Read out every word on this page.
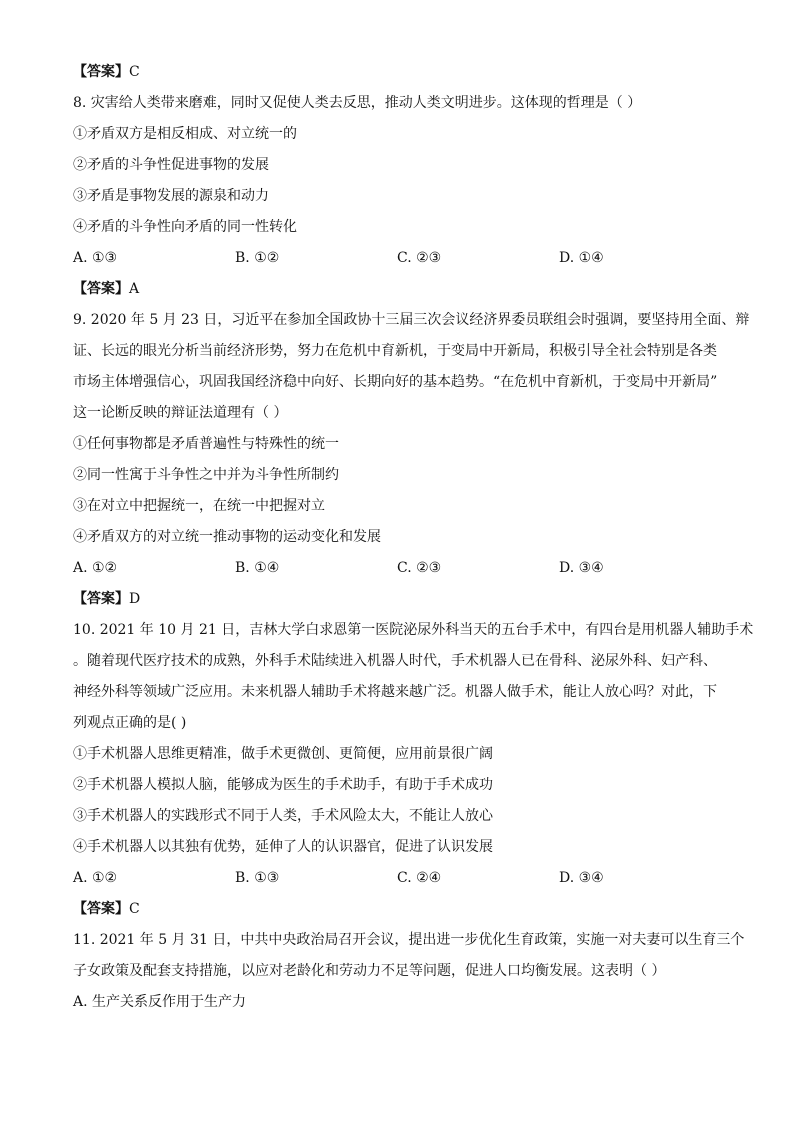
【答案】C

8. 灾害给人类带来磨难，同时又促使人类去反思，推动人类文明进步。这体现的哲理是（ ）

①矛盾双方是相反相成、对立统一的

②矛盾的斗争性促进事物的发展

③矛盾是事物发展的源泉和动力

④矛盾的斗争性向矛盾的同一性转化

A. ①③	B. ①②	C. ②③	D. ①④
【答案】A

9. 2020 年 5 月 23 日，习近平在参加全国政协十三届三次会议经济界委员联组会时强调，要坚持用全面、辩

证、长远的眼光分析当前经济形势，努力在危机中育新机，于变局中开新局，积极引导全社会特别是各类

市场主体增强信心，巩固我国经济稳中向好、长期向好的基本趋势。“在危机中育新机，于变局中开新局”

这一论断反映的辩证法道理有（ ）

①任何事物都是矛盾普遍性与特殊性的统一

②同一性寓于斗争性之中并为斗争性所制约

③在对立中把握统一，在统一中把握对立

④矛盾双方的对立统一推动事物的运动变化和发展

A. ①②	B. ①④	C. ②③	D. ③④
【答案】D

10. 2021 年 10 月 21 日，吉林大学白求恩第一医院泌尿外科当天的五台手术中，有四台是用机器人辅助手术

。随着现代医疗技术的成熟，外科手术陆续进入机器人时代，手术机器人已在骨科、泌尿外科、妇产科、

神经外科等领域广泛应用。未来机器人辅助手术将越来越广泛。机器人做手术，能让人放心吗？对此，下

列观点正确的是( )

①手术机器人思维更精准，做手术更微创、更简便，应用前景很广阔

②手术机器人模拟人脑，能够成为医生的手术助手，有助于手术成功

③手术机器人的实践形式不同于人类，手术风险太大，不能让人放心

④手术机器人以其独有优势，延伸了人的认识器官，促进了认识发展

A. ①②	B. ①③	C. ②④	D. ③④
【答案】C

11. 2021 年 5 月 31 日，中共中央政治局召开会议，提出进一步优化生育政策，实施一对夫妻可以生育三个

子女政策及配套支持措施，以应对老龄化和劳动力不足等问题，促进人口均衡发展。这表明（ ）

A. 生产关系反作用于生产力
